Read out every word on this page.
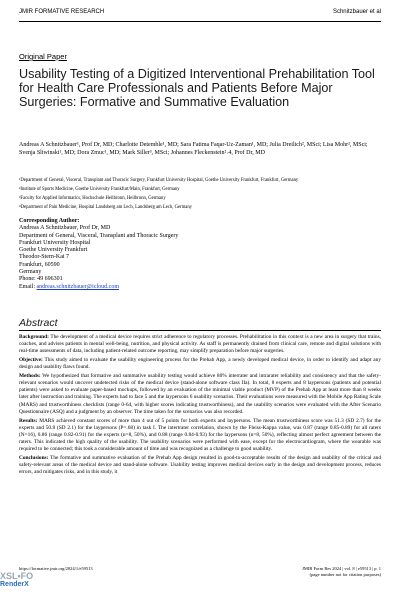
JMIR FORMATIVE RESEARCH	Schnitzbauer et al
Original Paper
Usability Testing of a Digitized Interventional Prehabilitation Tool for Health Care Professionals and Patients Before Major Surgeries: Formative and Summative Evaluation
Andreas A Schnitzbauer¹, Prof Dr, MD; Charlotte Detemble¹, MD; Sara Fatima Faqar-Uz-Zaman¹, MD; Julia Dreilich², MSci; Lisa Mohr², MSci; Svenja Sliwinski¹, MD; Dora Zmuc¹, MD; Mark Siller³, MSci; Johannes Fleckenstein²˓4, Prof Dr, MD
¹Department of General, Visceral, Transplant and Thoracic Surgery, Frankfurt University Hospital, Goethe University Frankfurt, Frankfurt, Germany
²Institute of Sports Medicine, Goethe University Frankfurt/Main, Frankfurt, Germany
³Faculty for Applied Informatics, Hochschule Heilbronn, Heilbronn, Germany
⁴Department of Pain Medicine, Hospital Landsberg am Lech, Landsberg am Lech, Germany
Corresponding Author:
Andreas A Schnitzbauer, Prof Dr, MD
Department of General, Visceral, Transplant and Thoracic Surgery
Frankfurt University Hospital
Goethe University Frankfurt
Theodor-Stern-Kai 7
Frankfurt, 60590
Germany
Phone: 49 696301
Email: andreas.schnitzbauer@icloud.com
Abstract

Background: The development of a medical device requires strict adherence to regulatory processes. Prehabilitation in this context is a new area in surgery that trains, coaches, and advises patients in mental well-being, nutrition, and physical activity. As staff is permanently drained from clinical care, remote and digital solutions with real-time assessments of data, including patient-related outcome reporting, may simplify preparation before major surgeries.

Objective: This study aimed to evaluate the usability engineering process for the Prehab App, a newly developed medical device, in order to identify and adapt any design and usability flaws found.

Methods: We hypothesized that formative and summative usability testing would achieve 80% interrater and intrarater reliability and consistency and that the safety-relevant scenarios would uncover undetected risks of the medical device (stand-alone software class IIa). In total, 8 experts and 8 laypersons (patients and potential patients) were asked to evaluate paper-based mockups, followed by an evaluation of the minimal viable product (MVP) of the Prehab App at least more than 8 weeks later after instruction and training. The experts had to face 5 and the laypersons 6 usability scenarios. Their evaluations were measured with the Mobile App Rating Scale (MARS) and trustworthiness checklists (range 0-64, with higher scores indicating trustworthiness), and the usability scenarios were evaluated with the After Scenario Questionnaire (ASQ) and a judgment by an observer. The time taken for the scenarios was also recorded.

Results: MARS achieved constant scores of more than 4 out of 5 points for both experts and laypersons. The mean trustworthiness score was 51.3 (SD 2.7) for the experts and 50.8 (SD 2.1) for the laypersons (P=.68) in task I. The intertrater correlation, shown by the Fleiss-Kappa value, was 0.87 (range 0.85-0.89) for all raters (N=16), 0.86 (range 0.82-0.91) for the experts (n=8, 50%), and 0.88 (range 0.84-0.93) for the laypersons (n=8, 50%), reflecting almost perfect agreement between the raters. This indicated the high quality of the usability. The usability scenarios were performed with ease, except for the electrocardiogram, where the wearable was required to be connected; this took a considerable amount of time and was recognized as a challenge to good usability.

Conclusions: The formative and summative evaluation of the Prehab App design resulted in good-to-acceptable results of the design and usability of the critical and safety-relevant areas of the medical device and stand-alone software. Usability testing improves medical devices early in the design and development process, reduces errors, and mitigates risks, and in this study, it

https://formative.jmir.org/2024/1/e59513	JMIR Form Res 2024 | vol. 8 | e59513 | p. 1
(page number not for citation purposes)
XSL•FO
RenderX
